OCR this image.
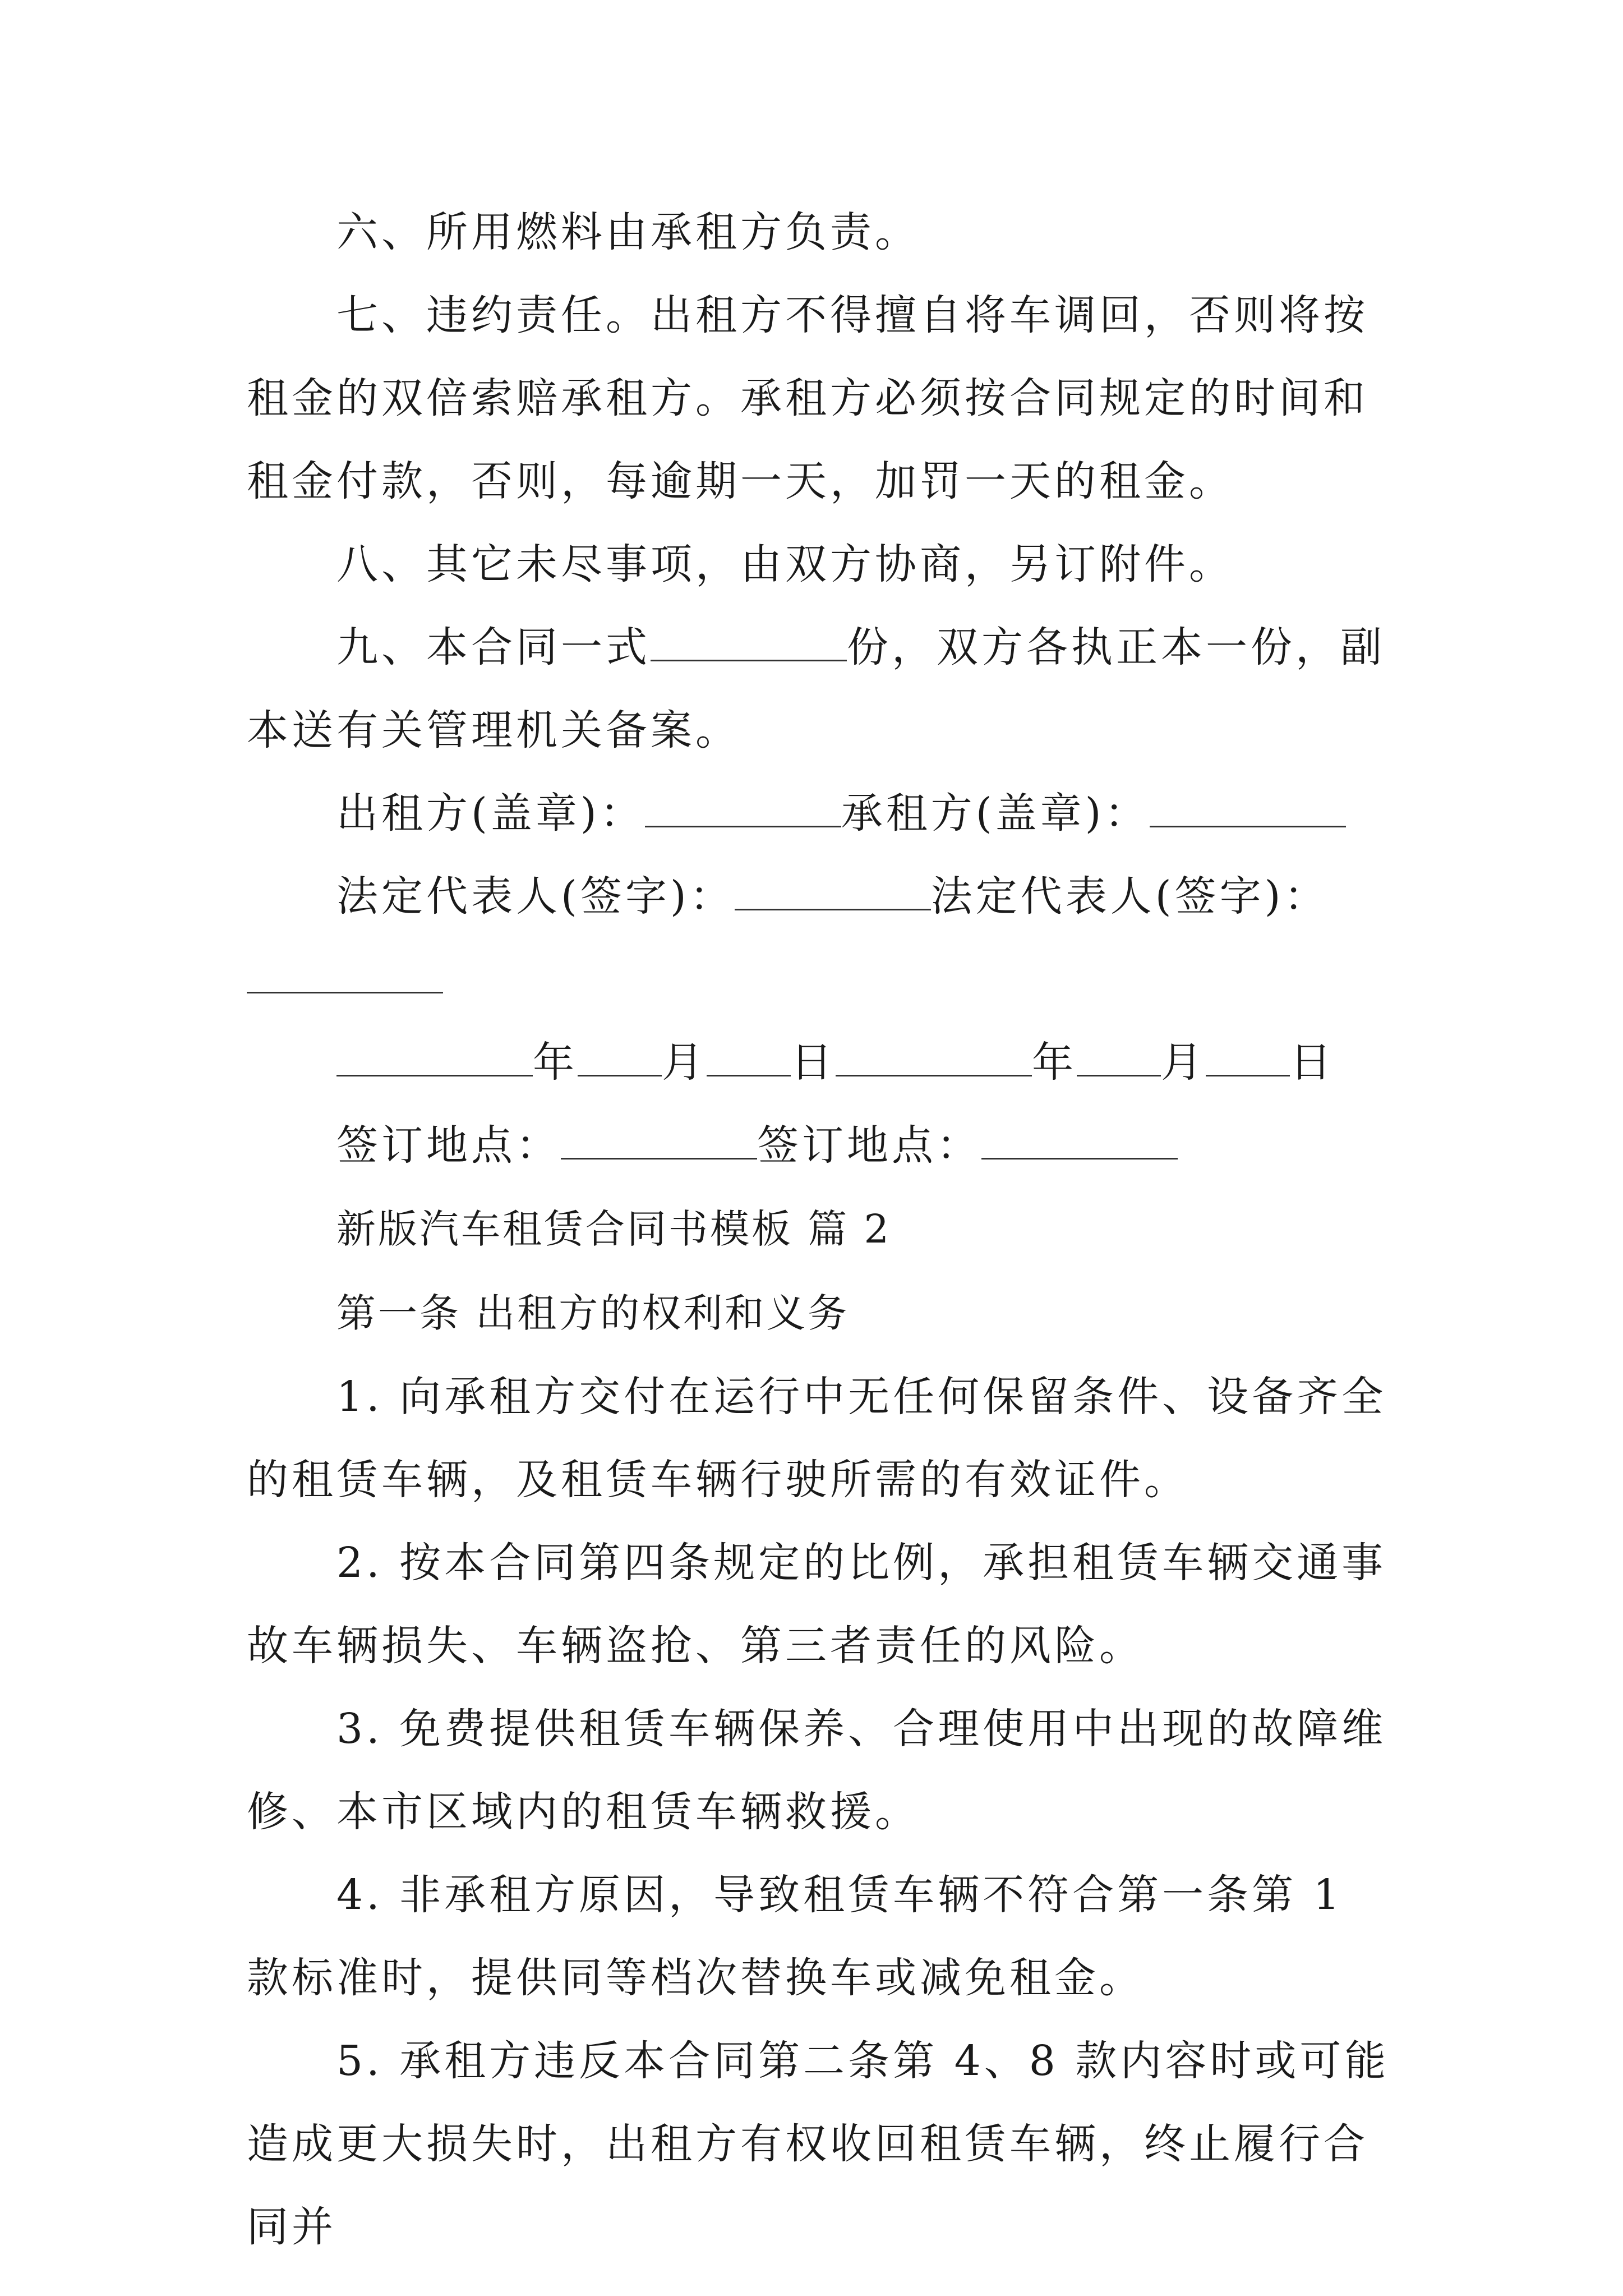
六、所用燃料由承租方负责。

七、违约责任。出租方不得擅自将车调回，否则将按租金的双倍索赔承租方。承租方必须按合同规定的时间和租金付款，否则，每逾期一天，加罚一天的租金。

八、其它未尽事项，由双方协商，另订附件。

九、本合同一式	份，双方各执正本一份，副本送有关管理机关备案。

出租方(盖章)：	承租方(盖章)：
法定代表人(签字)：	法定代表人(签字)：
年 月 日	年 月 日
签订地点：	签订地点：
新版汽车租赁合同书模板 篇 2
第一条 出租方的权利和义务

1. 向承租方交付在运行中无任何保留条件、设备齐全的租赁车辆，及租赁车辆行驶所需的有效证件。

2. 按本合同第四条规定的比例，承担租赁车辆交通事故车辆损失、车辆盗抢、第三者责任的风险。

3. 免费提供租赁车辆保养、合理使用中出现的故障维修、本市区域内的租赁车辆救援。

4. 非承租方原因，导致租赁车辆不符合第一条第 1 款标准时，提供同等档次替换车或减免租金。

5. 承租方违反本合同第二条第 4、8 款内容时或可能造成更大损失时，出租方有权收回租赁车辆，终止履行合同并
